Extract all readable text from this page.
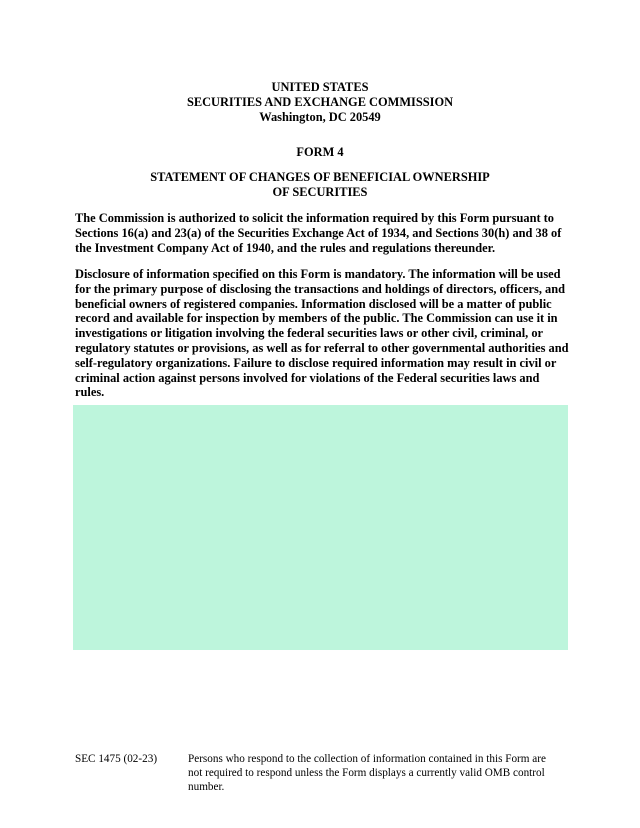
UNITED STATES
SECURITIES AND EXCHANGE COMMISSION
Washington, DC 20549
FORM 4
STATEMENT OF CHANGES OF BENEFICIAL OWNERSHIP
OF SECURITIES

The Commission is authorized to solicit the information required by this Form pursuant to Sections 16(a) and 23(a) of the Securities Exchange Act of 1934, and Sections 30(h) and 38 of the Investment Company Act of 1940, and the rules and regulations thereunder.

Disclosure of information specified on this Form is mandatory. The information will be used for the primary purpose of disclosing the transactions and holdings of directors, officers, and beneficial owners of registered companies. Information disclosed will be a matter of public record and available for inspection by members of the public. The Commission can use it in investigations or litigation involving the federal securities laws or other civil, criminal, or regulatory statutes or provisions, as well as for referral to other governmental authorities and self-regulatory organizations. Failure to disclose required information may result in civil or criminal action against persons involved for violations of the Federal securities laws and rules.

SEC 1475 (02-23)	Persons who respond to the collection of information contained in this Form are not required to respond unless the Form displays a currently valid OMB control number.
